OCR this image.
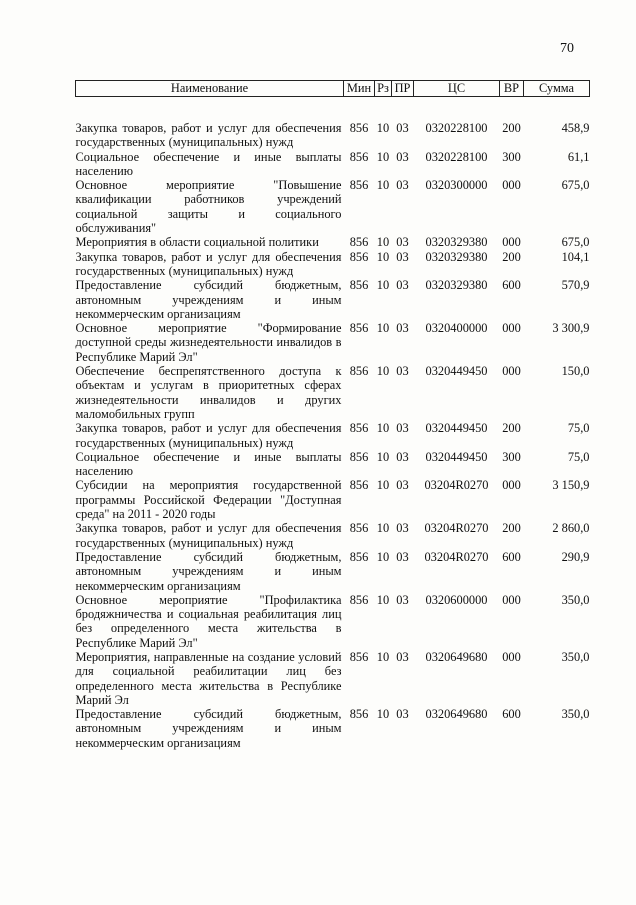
70
Наименование	Мин	Рз	ПР	ЦС	ВР	Сумма
Закупка товаров, работ и услуг для обеспечения государственных (муниципальных) нужд	856	10	03	0320228100	200	458,9
Социальное обеспечение и иные выплаты населению	856	10	03	0320228100	300	61,1
Основное мероприятие "Повышение квалификации работников учреждений социальной защиты и социального обслуживания"	856	10	03	0320300000	000	675,0
Мероприятия в области социальной политики	856	10	03	0320329380	000	675,0
Закупка товаров, работ и услуг для обеспечения государственных (муниципальных) нужд	856	10	03	0320329380	200	104,1
Предоставление субсидий бюджетным, автономным учреждениям и иным некоммерческим организациям	856	10	03	0320329380	600	570,9
Основное мероприятие "Формирование доступной среды жизнедеятельности инвалидов в Республике Марий Эл"	856	10	03	0320400000	000	3 300,9
Обеспечение беспрепятственного доступа к объектам и услугам в приоритетных сферах жизнедеятельности инвалидов и других маломобильных групп	856	10	03	0320449450	000	150,0
Закупка товаров, работ и услуг для обеспечения государственных (муниципальных) нужд	856	10	03	0320449450	200	75,0
Социальное обеспечение и иные выплаты населению	856	10	03	0320449450	300	75,0
Субсидии на мероприятия государственной программы Российской Федерации "Доступная среда" на 2011 - 2020 годы	856	10	03	03204R0270	000	3 150,9
Закупка товаров, работ и услуг для обеспечения государственных (муниципальных) нужд	856	10	03	03204R0270	200	2 860,0
Предоставление субсидий бюджетным, автономным учреждениям и иным некоммерческим организациям	856	10	03	03204R0270	600	290,9
Основное мероприятие "Профилактика бродяжничества и социальная реабилитация лиц без определенного места жительства в Республике Марий Эл"	856	10	03	0320600000	000	350,0
Мероприятия, направленные на создание условий для социальной реабилитации лиц без определенного места жительства в Республике Марий Эл	856	10	03	0320649680	000	350,0
Предоставление субсидий бюджетным, автономным учреждениям и иным некоммерческим организациям	856	10	03	0320649680	600	350,0
